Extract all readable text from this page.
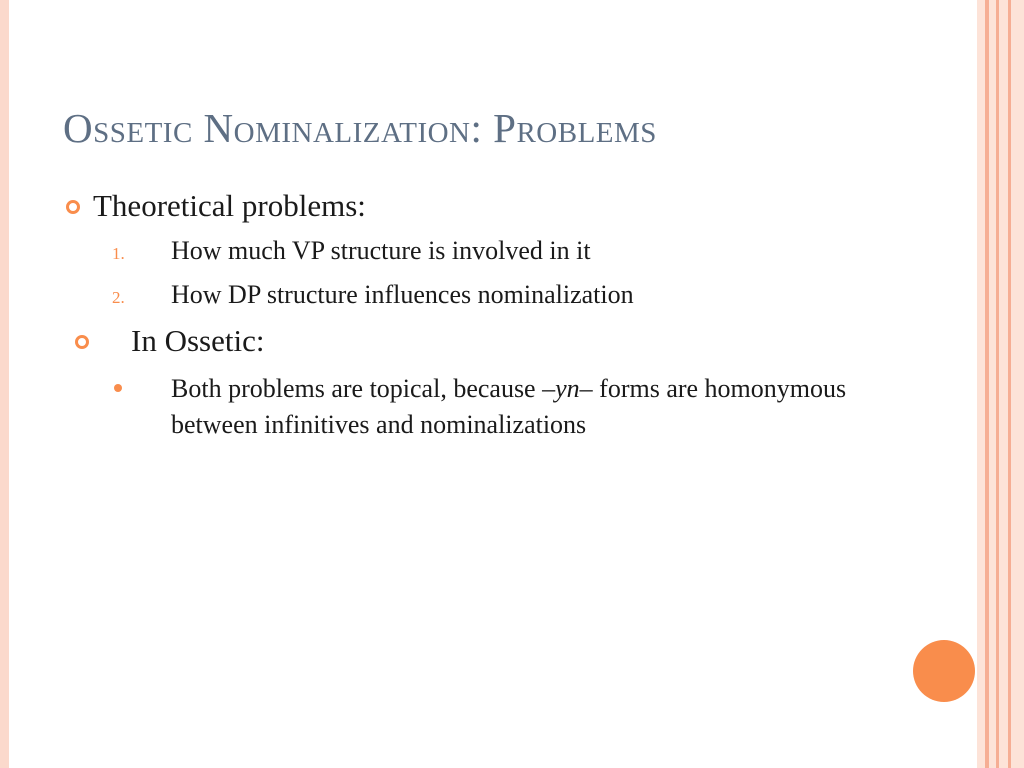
Ossetic Nominalization: Problems
Theoretical problems:
1. How much VP structure is involved in it
2. How DP structure influences nominalization
In Ossetic:
Both problems are topical, because –yn– forms are homonymous between infinitives and nominalizations
